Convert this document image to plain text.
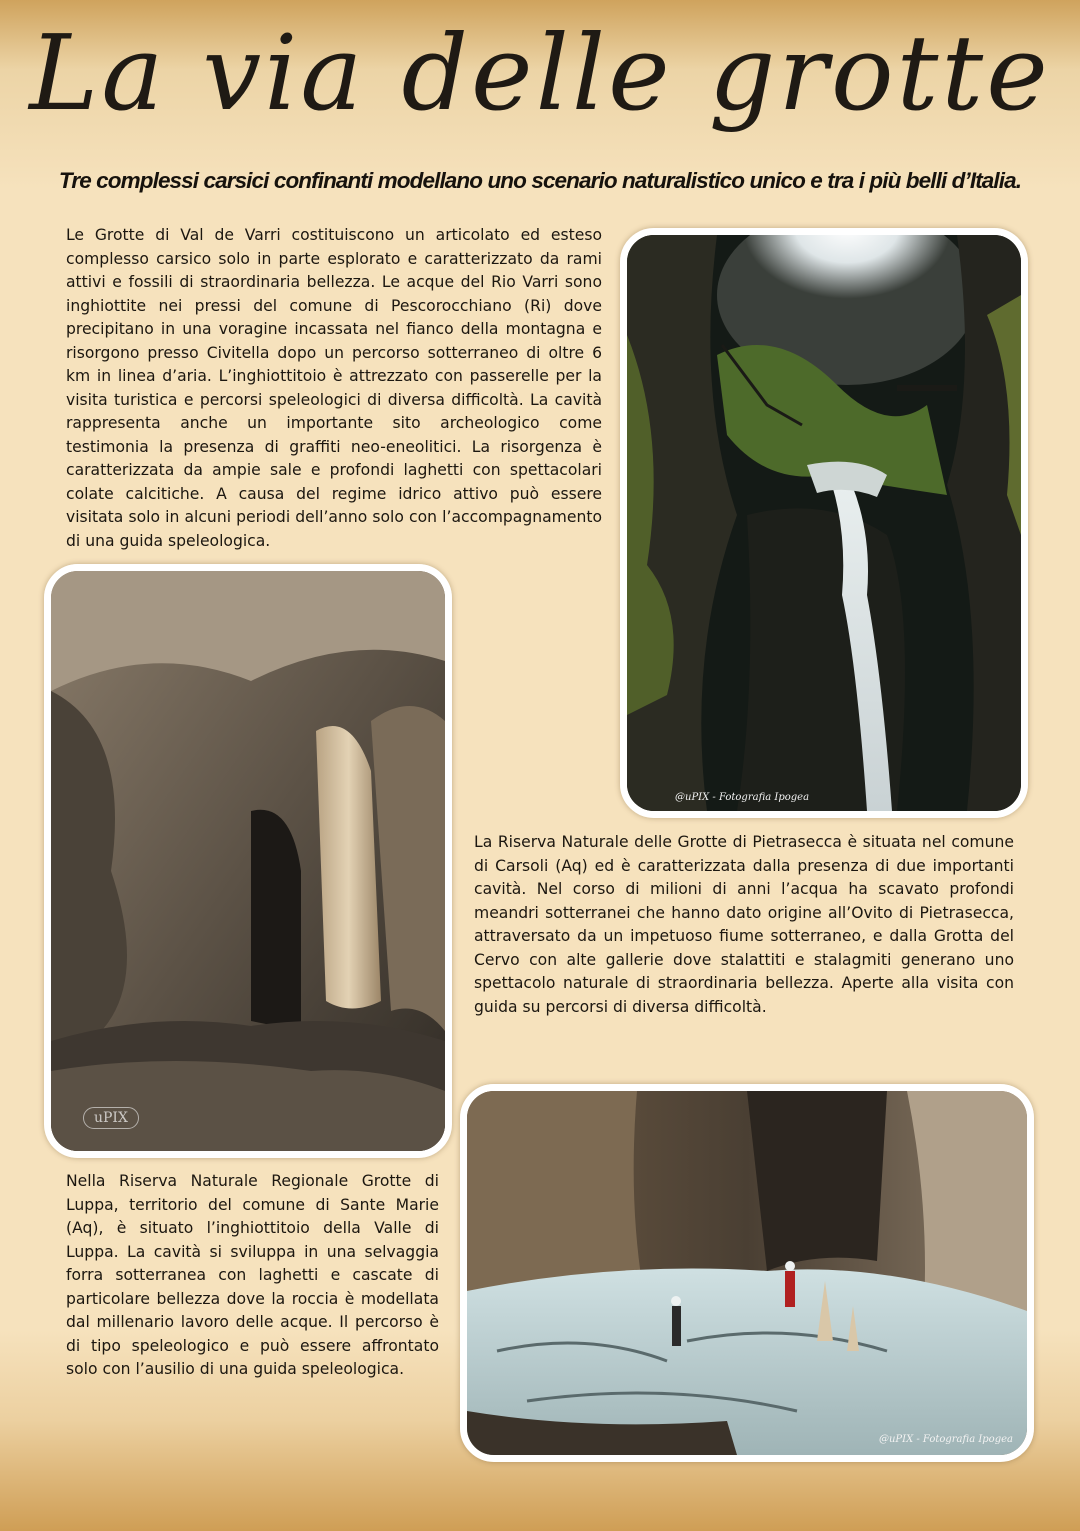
La via delle grotte
Tre complessi carsici confinanti modellano uno scenario naturalistico unico e tra i più belli d’Italia.

Le Grotte di Val de Varri costituiscono un articolato ed esteso complesso carsico solo in parte esplorato e caratterizzato da rami attivi e fossili di straordinaria bellezza. Le acque del Rio Varri sono inghiottite nei pressi del comune di Pescorocchiano (Ri) dove precipitano in una voragine incassata nel fianco della montagna e risorgono presso Civitella dopo un percorso sotterraneo di oltre 6 km in linea d’aria. L’inghiottitoio è attrezzato con passerelle per la visita turistica e percorsi speleologici di diversa difficoltà. La cavità rappresenta anche un importante sito archeologico come testimonia la presenza di graffiti neo-eneolitici. La risorgenza è caratterizzata da ampie sale e profondi laghetti con spettacolari colate calcitiche. A causa del regime idrico attivo può essere visitata solo in alcuni periodi dell’anno solo con l’accompagnamento di una guida speleologica.

@uPIX - Fotografia Ipogea
uPIX

La Riserva Naturale delle Grotte di Pietrasecca è situata nel comune di Carsoli (Aq) ed è caratterizzata dalla presenza di due importanti cavità. Nel corso di milioni di anni l’acqua ha scavato profondi meandri sotterranei che hanno dato origine all’Ovito di Pietrasecca, attraversato da un impetuoso fiume sotterraneo, e dalla Grotta del Cervo con alte gallerie dove stalattiti e stalagmiti generano uno spettacolo naturale di straordinaria bellezza. Aperte alla visita con guida su percorsi di diversa difficoltà.

Nella Riserva Naturale Regionale Grotte di Luppa, territorio del comune di Sante Marie (Aq), è situato l’inghiottitoio della Valle di Luppa. La cavità si sviluppa in una selvaggia forra sotterranea con laghetti e cascate di particolare bellezza dove la roccia è modellata dal millenario lavoro delle acque. Il percorso è di tipo speleologico e può essere affrontato solo con l’ausilio di una guida speleologica.

@uPIX - Fotografia Ipogea
